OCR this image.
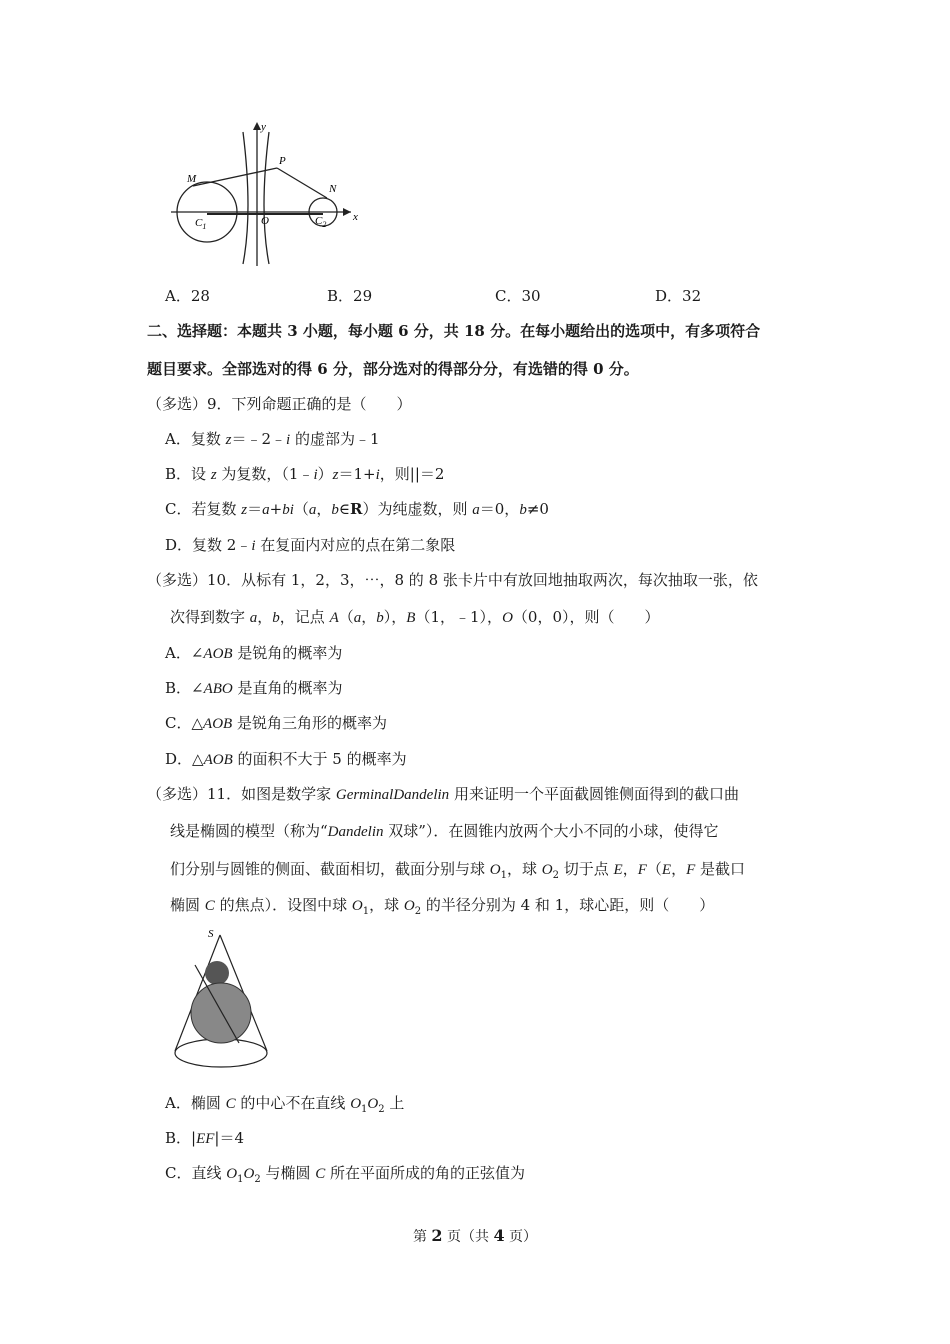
y
x
P
M
N
$C_1$	O	$C_2$
A．28	B．29	C．30	D．32
二、选择题：本题共 3 小题，每小题 6 分，共 18 分。在每小题给出的选项中，有多项符合
题目要求。全部选对的得 6 分，部分选对的得部分分，有选错的得 0 分。
（多选）9．下列命题正确的是（　　）
A．复数 z＝﹣2﹣i 的虚部为﹣1
B．设 z 为复数，（1﹣i）z＝1+i，则||＝2
C．若复数 z＝a+bi（a，b∈R）为纯虚数，则 a＝0，b≠0
D．复数 2﹣i 在复面内对应的点在第二象限
（多选）10．从标有 1，2，3，⋯，8 的 8 张卡片中有放回地抽取两次，每次抽取一张，依
次得到数字 a，b，记点 A（a，b），B（1，﹣1），O（0，0），则（　　）
A．∠AOB 是锐角的概率为
B．∠ABO 是直角的概率为
C．△AOB 是锐角三角形的概率为
D．△AOB 的面积不大于 5 的概率为
（多选）11．如图是数学家 GerminalDandelin 用来证明一个平面截圆锥侧面得到的截口曲
线是椭圆的模型（称为“Dandelin 双球”）．在圆锥内放两个大小不同的小球，使得它
们分别与圆锥的侧面、截面相切，截面分别与球 $O_1$，球 $O_2$ 切于点 E，F（E，F 是截口
椭圆 C 的焦点）．设图中球 $O_1$，球 $O_2$ 的半径分别为 4 和 1，球心距，则（　　）
S
A．椭圆 C 的中心不在直线 $O_1O_2$ 上
B．|EF|＝4
C．直线 $O_1O_2$ 与椭圆 C 所在平面所成的角的正弦值为
第 2 页（共 4 页）
